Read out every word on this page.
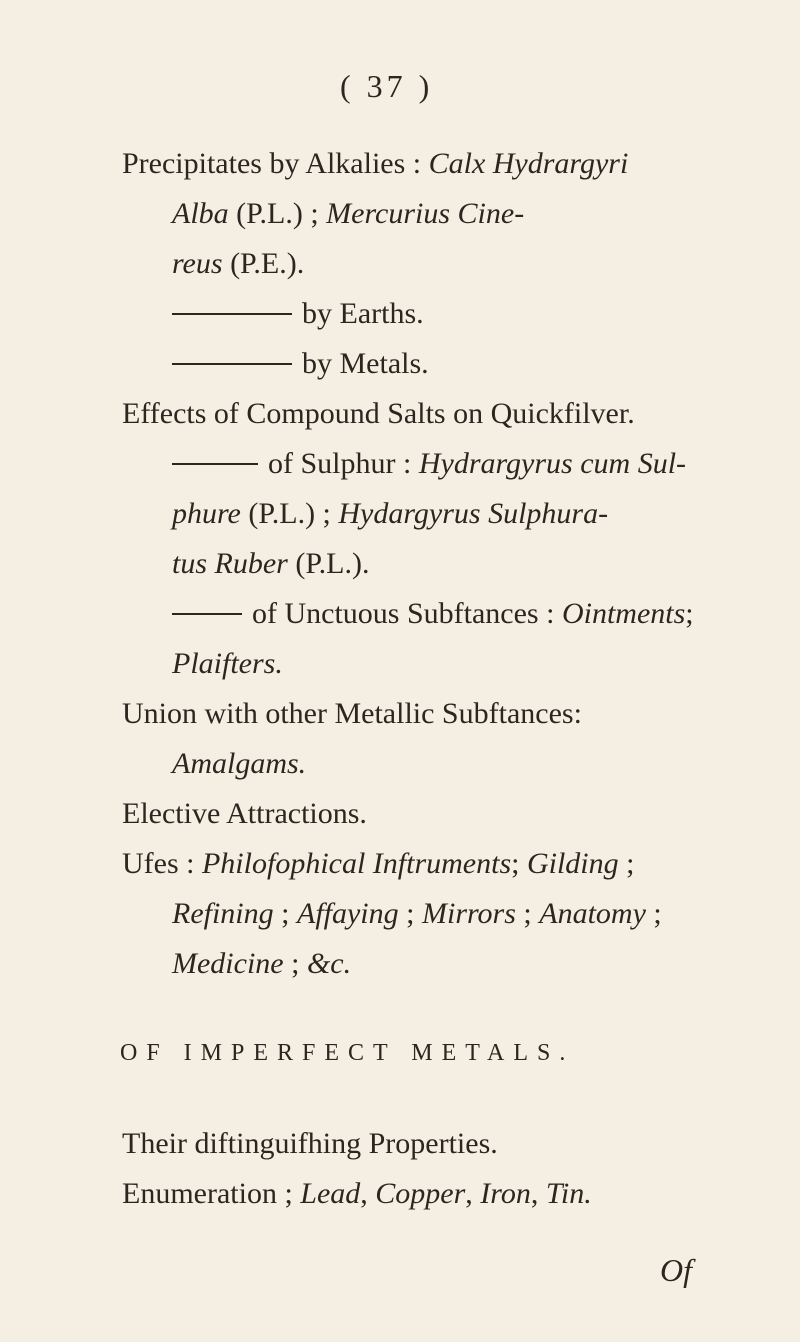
( 37 )
Precipitates by Alkalies : Calx Hydrargyri
Alba (P.L.) ; Mercurius Cine-
reus (P.E.).
by Earths.
by Metals.
Effects of Compound Salts on Quickfilver.
of Sulphur : Hydrargyrus cum Sul-
phure (P.L.) ; Hydargyrus Sulphura-
tus Ruber (P.L.).
of Unctuous Subftances : Ointments;
Plaifters.
Union with other Metallic Subftances:
Amalgams.
Elective Attractions.
Ufes : Philofophical Inftruments; Gilding ;
Refining ; Affaying ; Mirrors ; Anatomy ;
Medicine ; &c.
OF IMPERFECT METALS.
Their diftinguifhing Properties.
Enumeration ; Lead, Copper, Iron, Tin.
Of
